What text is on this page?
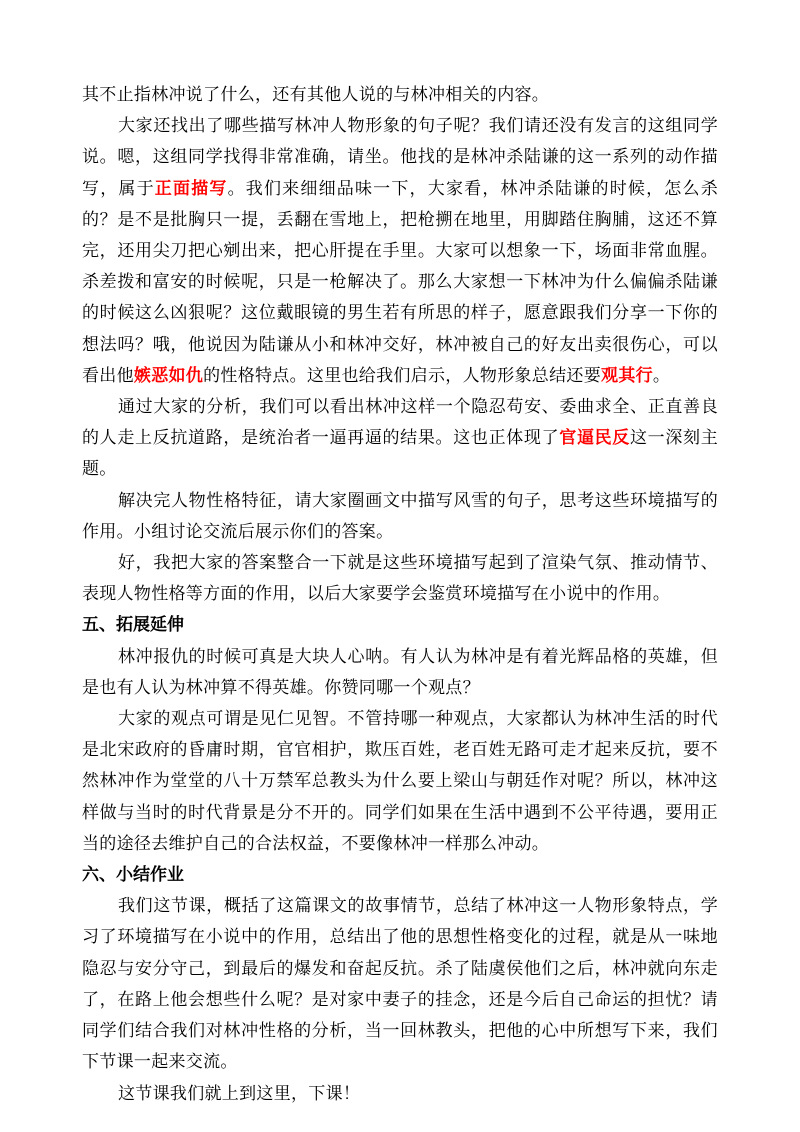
其不止指林冲说了什么，还有其他人说的与林冲相关的内容。

大家还找出了哪些描写林冲人物形象的句子呢？我们请还没有发言的这组同学说。嗯，这组同学找得非常准确，请坐。他找的是林冲杀陆谦的这一系列的动作描写，属于正面描写。我们来细细品味一下，大家看，林冲杀陆谦的时候，怎么杀的？是不是批胸只一提，丢翻在雪地上，把枪搠在地里，用脚踏住胸脯，这还不算完，还用尖刀把心剜出来，把心肝提在手里。大家可以想象一下，场面非常血腥。杀差拨和富安的时候呢，只是一枪解决了。那么大家想一下林冲为什么偏偏杀陆谦的时候这么凶狠呢？这位戴眼镜的男生若有所思的样子，愿意跟我们分享一下你的想法吗？哦，他说因为陆谦从小和林冲交好，林冲被自己的好友出卖很伤心，可以看出他嫉恶如仇的性格特点。这里也给我们启示，人物形象总结还要观其行。

通过大家的分析，我们可以看出林冲这样一个隐忍苟安、委曲求全、正直善良的人走上反抗道路，是统治者一逼再逼的结果。这也正体现了官逼民反这一深刻主题。

解决完人物性格特征，请大家圈画文中描写风雪的句子，思考这些环境描写的作用。小组讨论交流后展示你们的答案。

好，我把大家的答案整合一下就是这些环境描写起到了渲染气氛、推动情节、表现人物性格等方面的作用，以后大家要学会鉴赏环境描写在小说中的作用。

五、拓展延伸

林冲报仇的时候可真是大块人心呐。有人认为林冲是有着光辉品格的英雄，但是也有人认为林冲算不得英雄。你赞同哪一个观点？

大家的观点可谓是见仁见智。不管持哪一种观点，大家都认为林冲生活的时代是北宋政府的昏庸时期，官官相护，欺压百姓，老百姓无路可走才起来反抗，要不然林冲作为堂堂的八十万禁军总教头为什么要上梁山与朝廷作对呢？所以，林冲这样做与当时的时代背景是分不开的。同学们如果在生活中遇到不公平待遇，要用正当的途径去维护自己的合法权益，不要像林冲一样那么冲动。

六、小结作业

我们这节课，概括了这篇课文的故事情节，总结了林冲这一人物形象特点，学习了环境描写在小说中的作用，总结出了他的思想性格变化的过程，就是从一味地隐忍与安分守己，到最后的爆发和奋起反抗。杀了陆虞侯他们之后，林冲就向东走了，在路上他会想些什么呢？是对家中妻子的挂念，还是今后自己命运的担忧？请同学们结合我们对林冲性格的分析，当一回林教头，把他的心中所想写下来，我们下节课一起来交流。

这节课我们就上到这里，下课！
